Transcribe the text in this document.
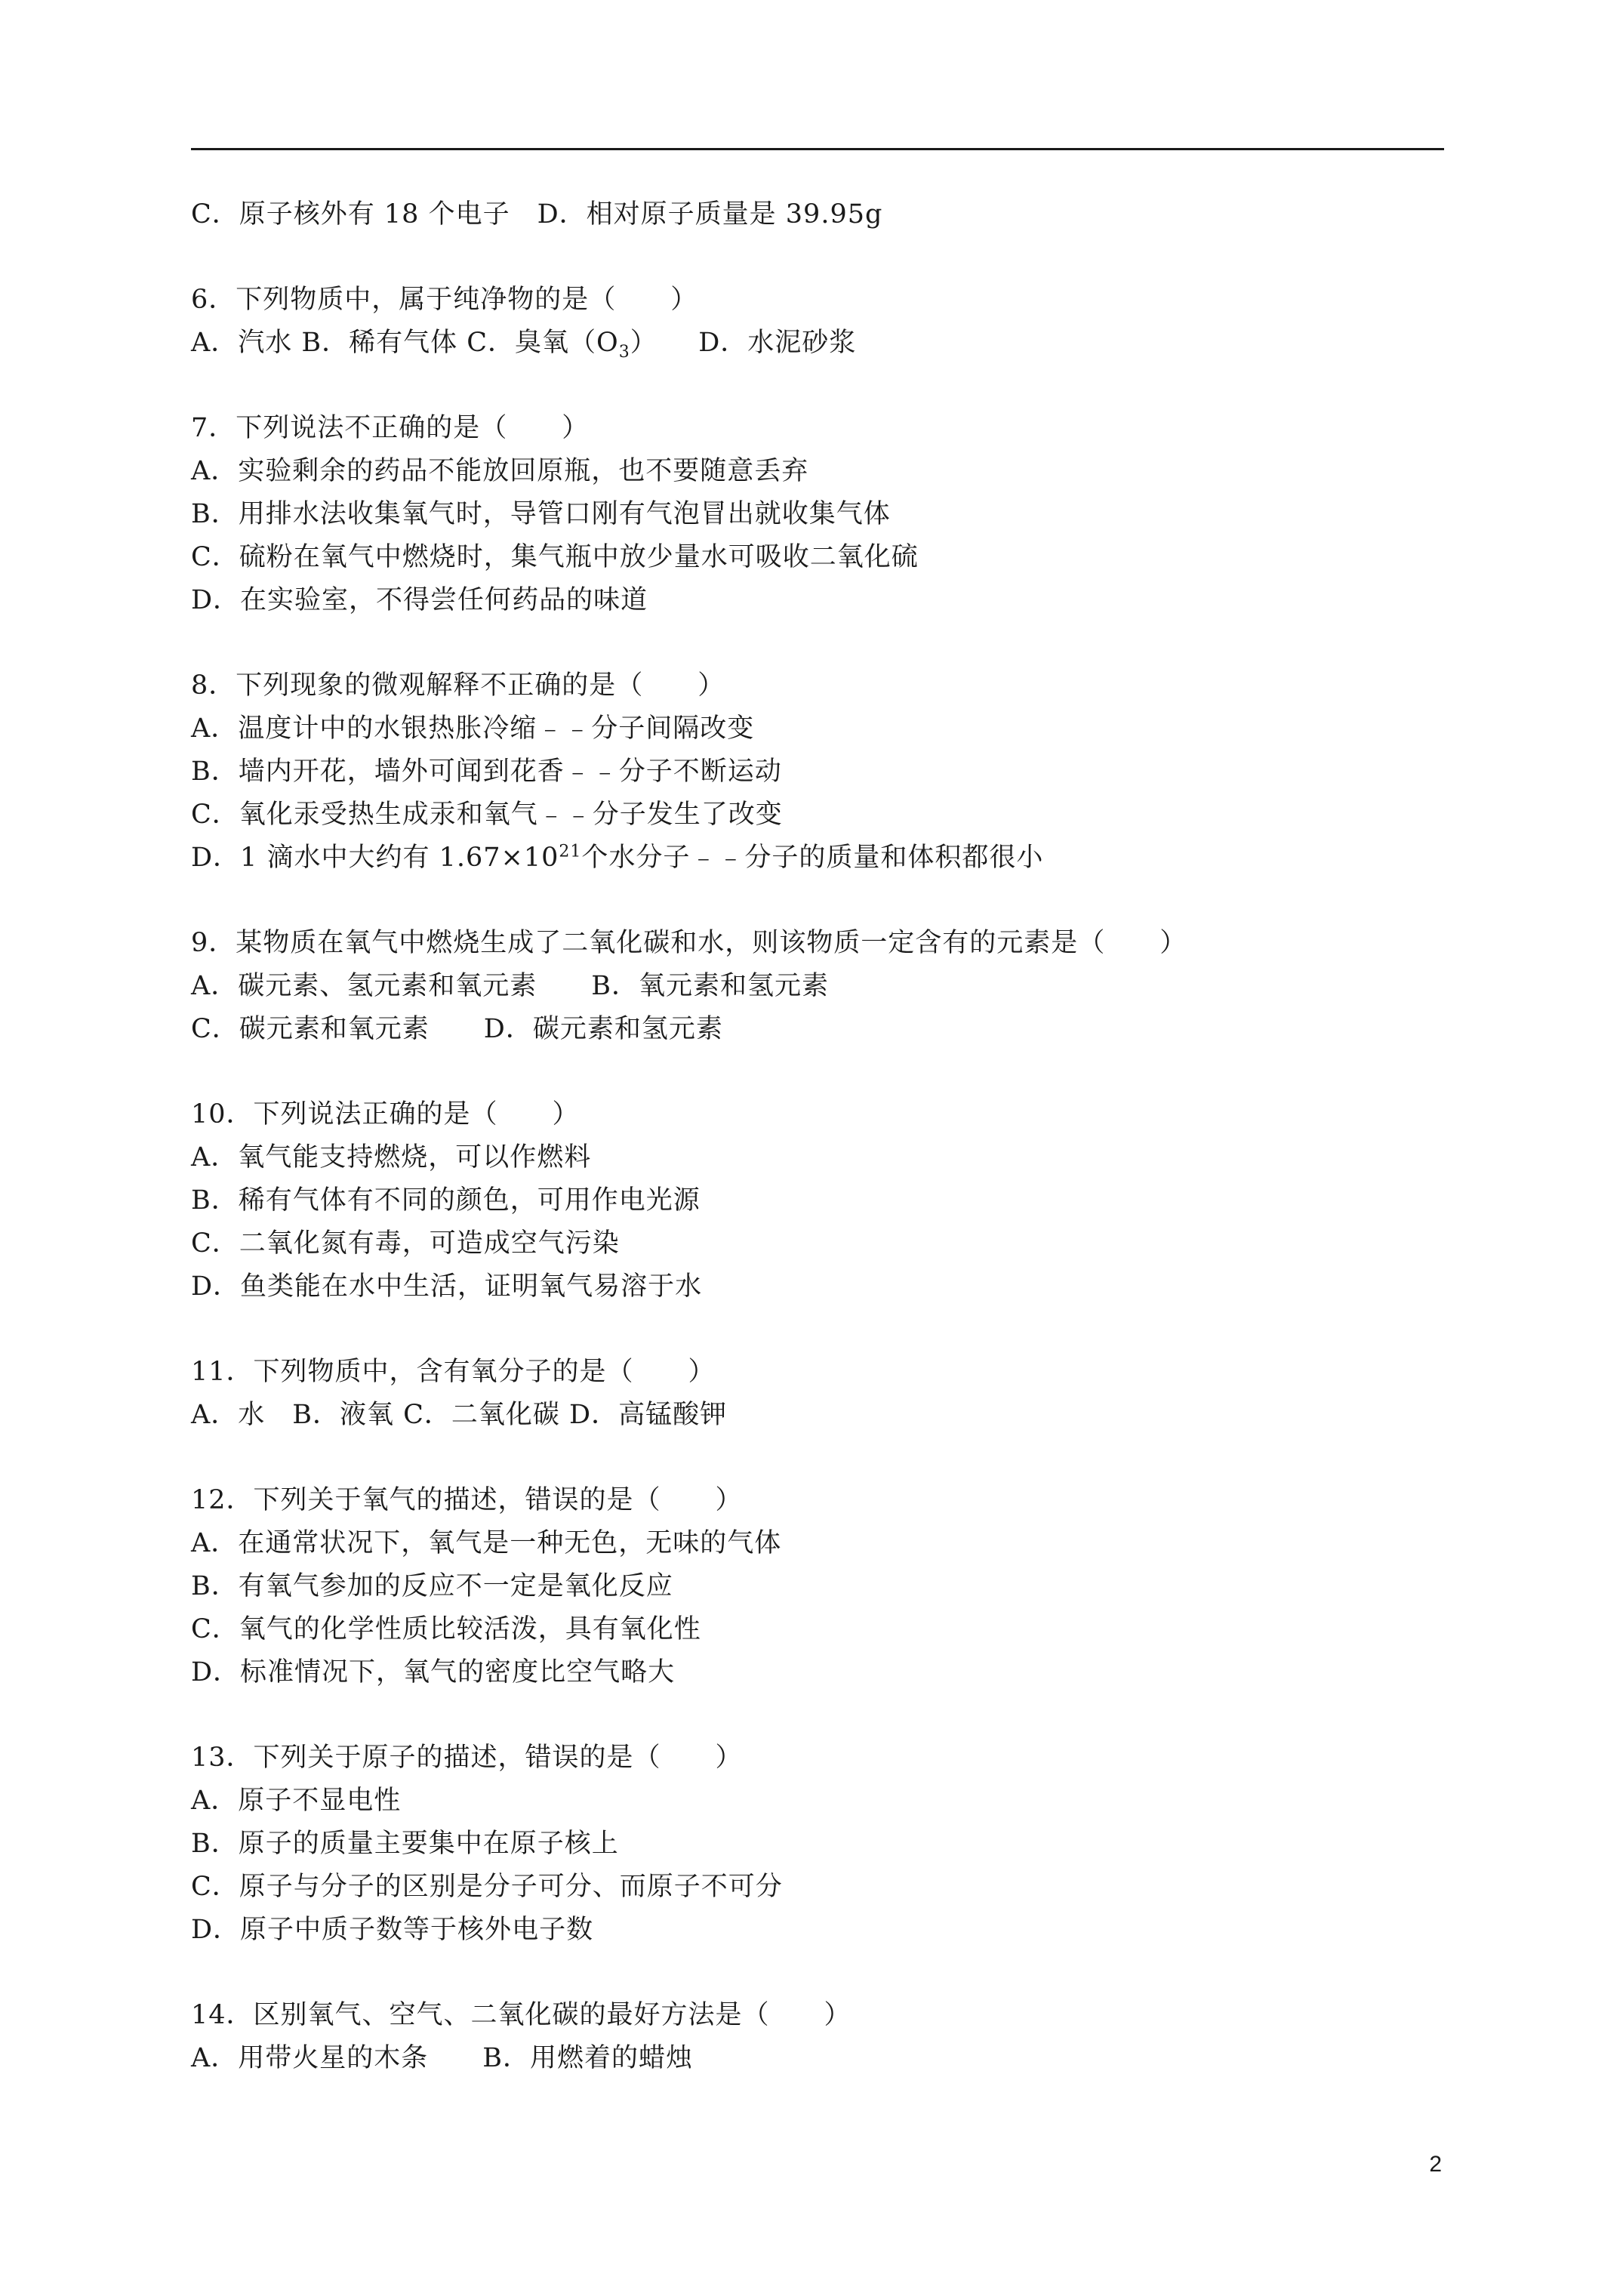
C．原子核外有 18 个电子　 D．相对原子质量是 39.95g
6．下列物质中，属于纯净物的是（　　）
A．汽水 B．稀有气体 C．臭氧$(O_3)$　　D．水泥砂浆
7．下列说法不正确的是（　　）
A．实验剩余的药品不能放回原瓶，也不要随意丢弃
B．用排水法收集氧气时，导管口刚有气泡冒出就收集气体
C．硫粉在氧气中燃烧时，集气瓶中放少量水可吸收二氧化硫
D．在实验室，不得尝任何药品的味道
8．下列现象的微观解释不正确的是（　　）
A．温度计中的水银热胀冷缩﹣﹣分子间隔改变
B．墙内开花，墙外可闻到花香﹣﹣分子不断运动
C．氧化汞受热生成汞和氧气﹣﹣分子发生了改变
D．1 滴水中大约有 $1.67\times 10^{21}$个水分子﹣﹣分子的质量和体积都很小
9．某物质在氧气中燃烧生成了二氧化碳和水，则该物质一定含有的元素是（　　）
A．碳元素、氢元素和氧元素　　B．氧元素和氢元素
C．碳元素和氧元素　　D．碳元素和氢元素
10．下列说法正确的是（　　）
A．氧气能支持燃烧，可以作燃料
B．稀有气体有不同的颜色，可用作电光源
C．二氧化氮有毒，可造成空气污染
D．鱼类能在水中生活，证明氧气易溶于水
11．下列物质中，含有氧分子的是（　　）
A．水　B．液氧 C．二氧化碳 D．高锰酸钾
12．下列关于氧气的描述，错误的是（　　）
A．在通常状况下，氧气是一种无色，无味的气体
B．有氧气参加的反应不一定是氧化反应
C．氧气的化学性质比较活泼，具有氧化性
D．标准情况下，氧气的密度比空气略大
13．下列关于原子的描述，错误的是（　　）
A．原子不显电性
B．原子的质量主要集中在原子核上
C．原子与分子的区别是分子可分、而原子不可分
D．原子中质子数等于核外电子数
14．区别氧气、空气、二氧化碳的最好方法是（　　）
A．用带火星的木条　　B．用燃着的蜡烛
2
